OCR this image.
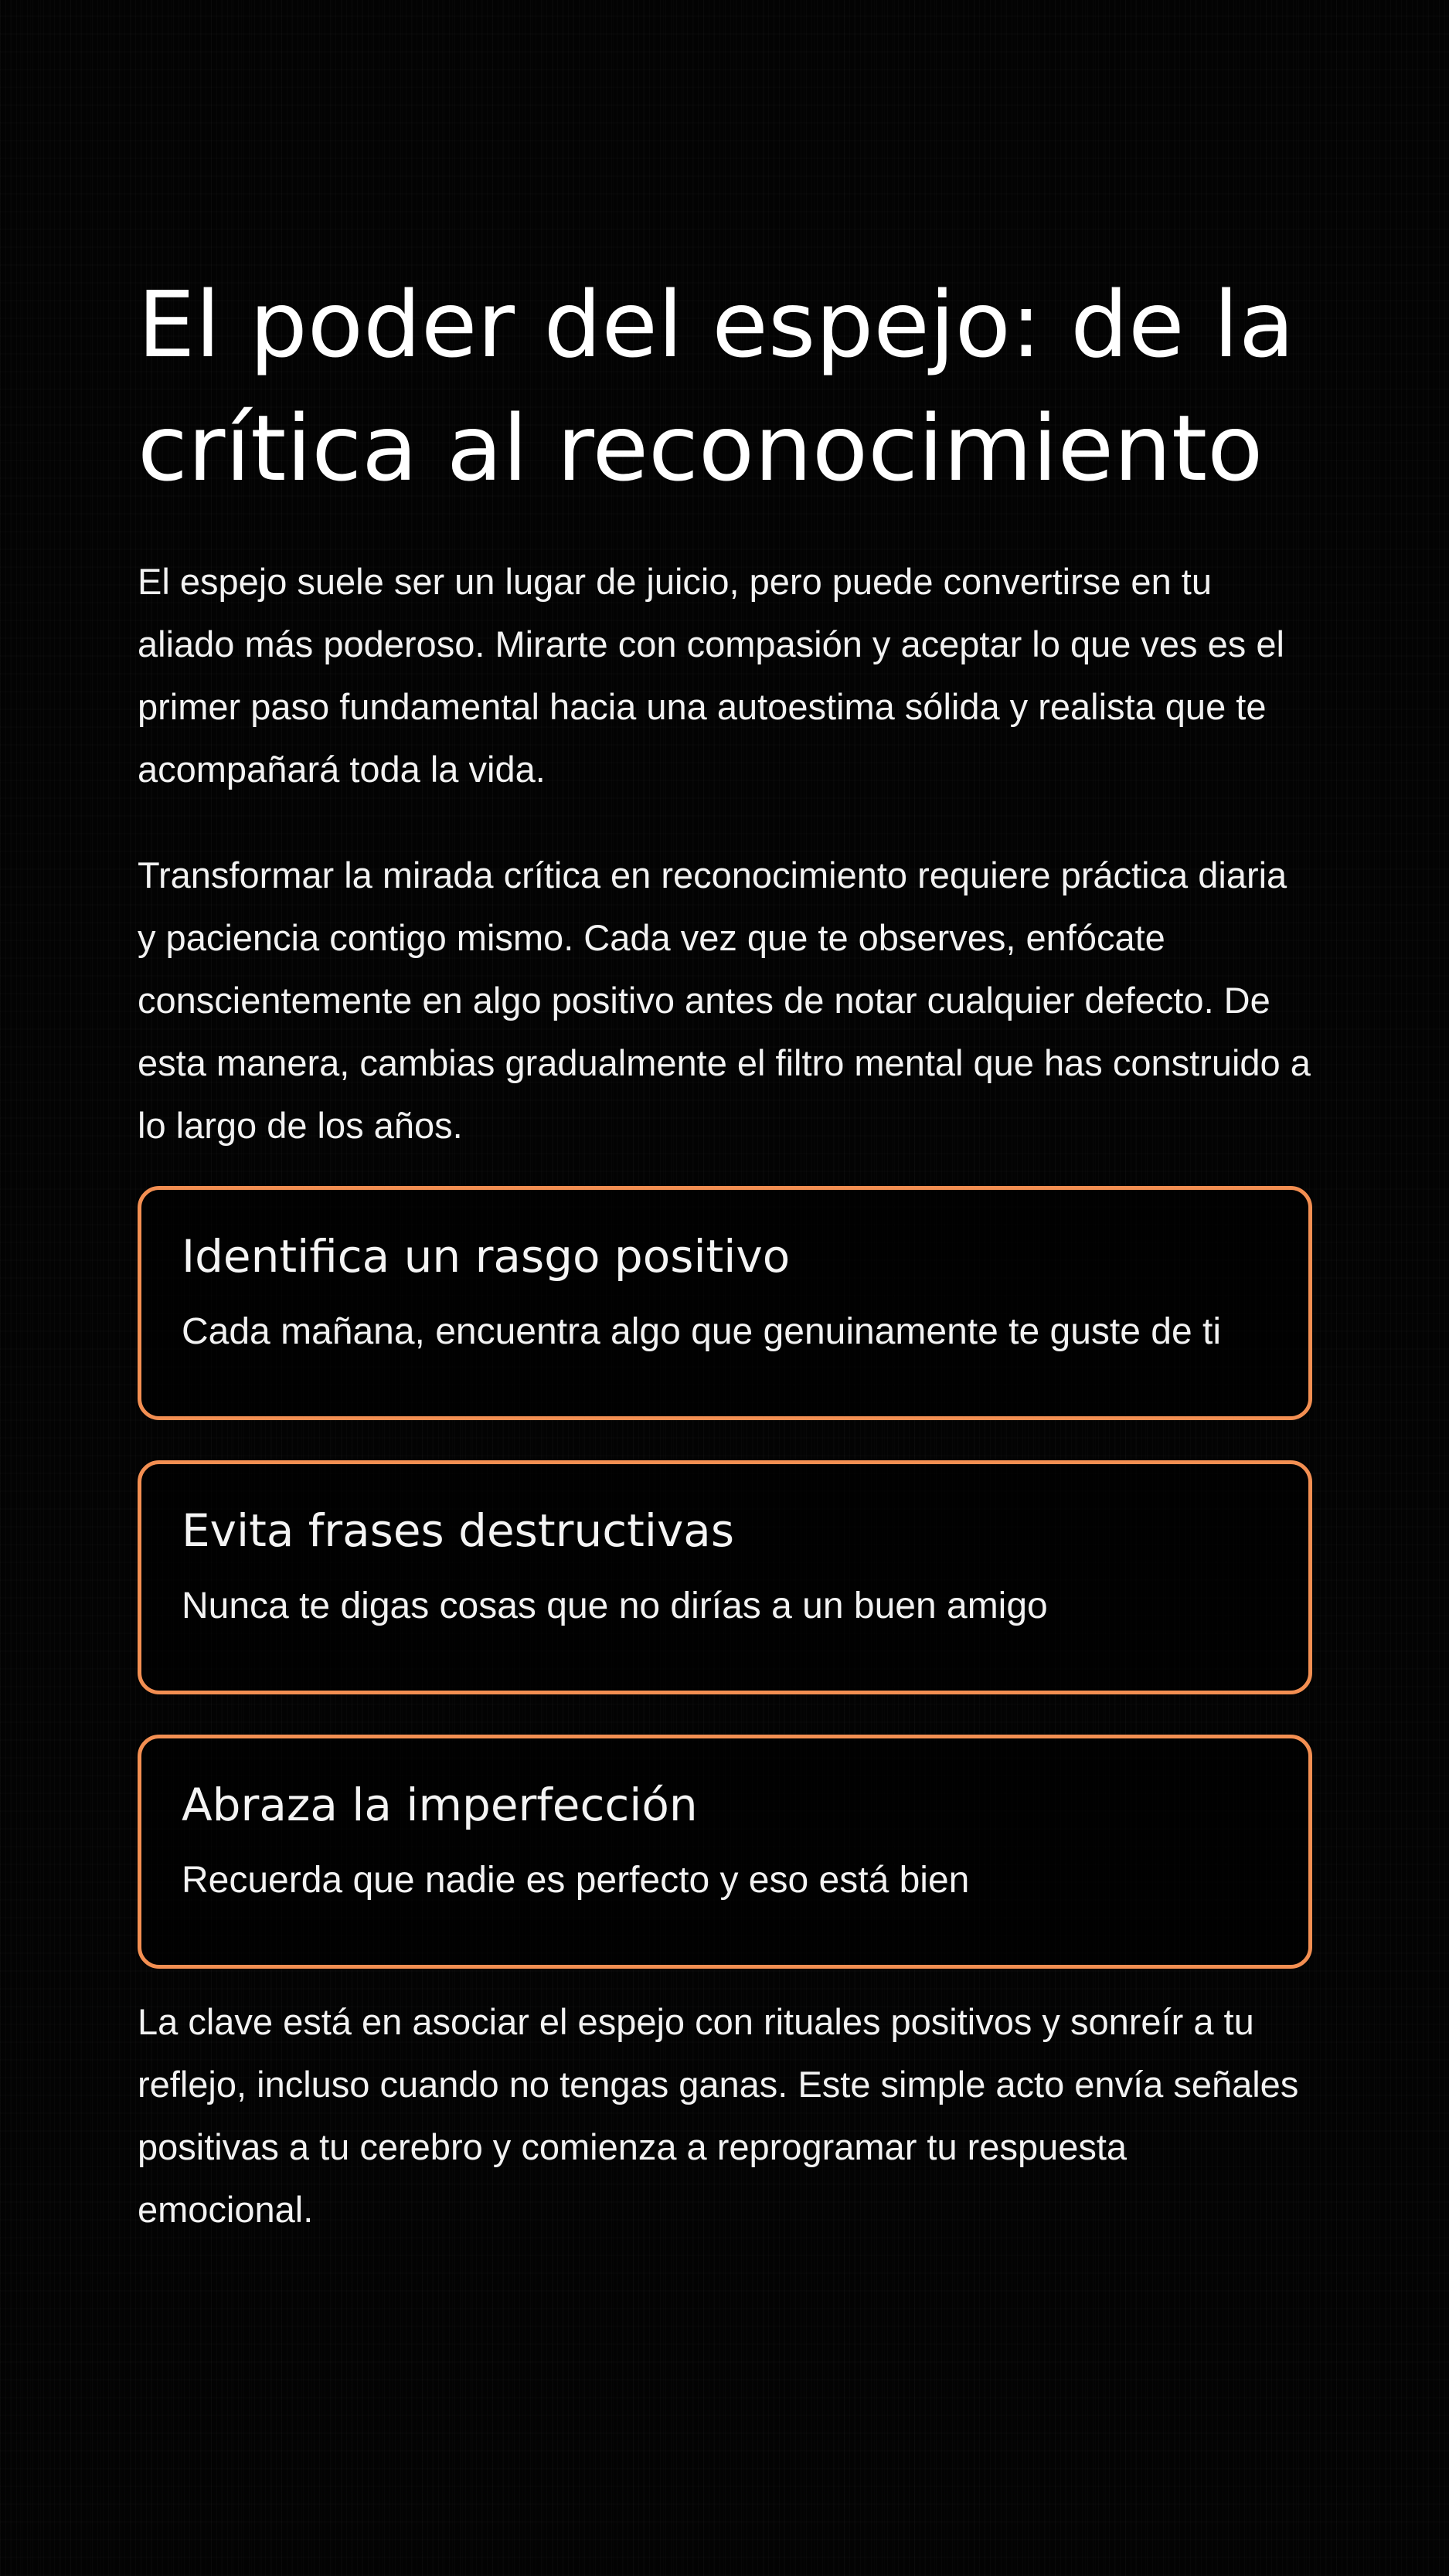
El poder del espejo: de la crítica al reconocimiento

El espejo suele ser un lugar de juicio, pero puede convertirse en tu aliado más poderoso. Mirarte con compasión y aceptar lo que ves es el primer paso fundamental hacia una autoestima sólida y realista que te acompañará toda la vida.

Transformar la mirada crítica en reconocimiento requiere práctica diaria y paciencia contigo mismo. Cada vez que te observes, enfócate conscientemente en algo positivo antes de notar cualquier defecto. De esta manera, cambias gradualmente el filtro mental que has construido a lo largo de los años.

Identifica un rasgo positivo

Cada mañana, encuentra algo que genuinamente te guste de ti

Evita frases destructivas

Nunca te digas cosas que no dirías a un buen amigo

Abraza la imperfección

Recuerda que nadie es perfecto y eso está bien

La clave está en asociar el espejo con rituales positivos y sonreír a tu reflejo, incluso cuando no tengas ganas. Este simple acto envía señales positivas a tu cerebro y comienza a reprogramar tu respuesta emocional.
